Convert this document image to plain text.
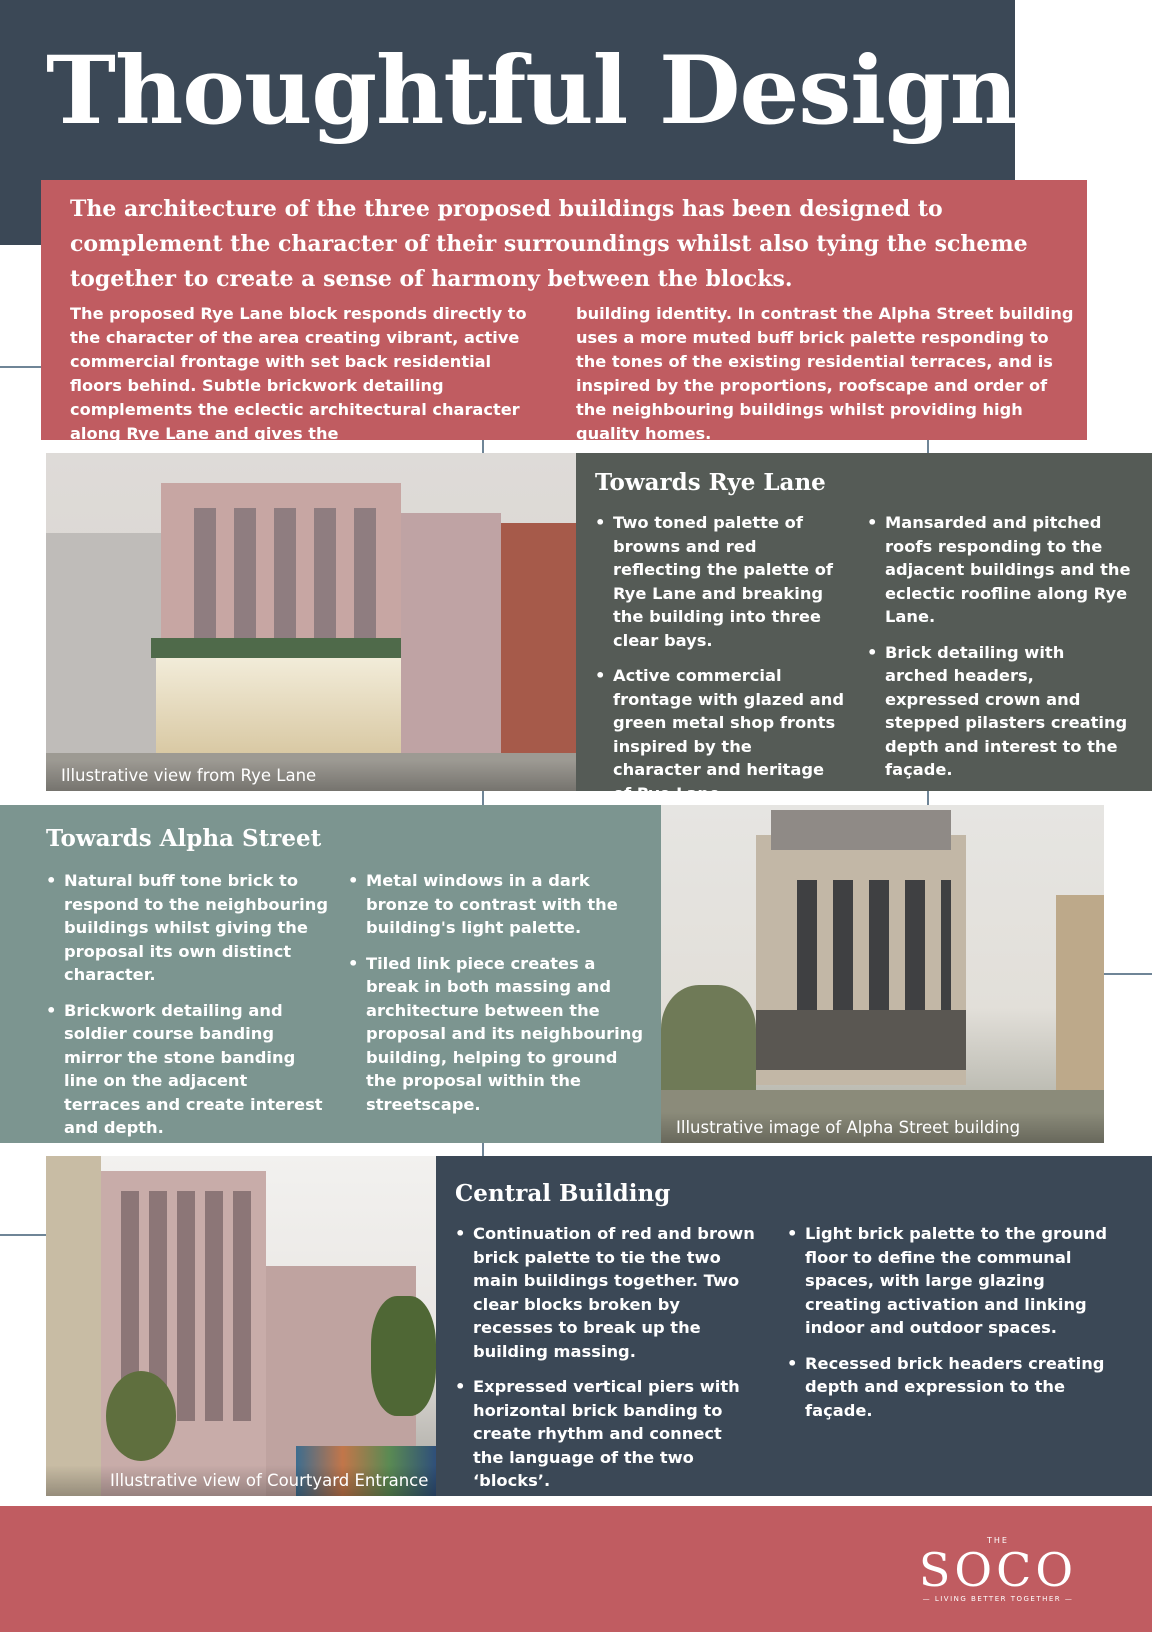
Thoughtful Design

The architecture of the three proposed buildings has been designed to complement the character of their surroundings whilst also tying the scheme together to create a sense of harmony between the blocks.

The proposed Rye Lane block responds directly to the character of the area creating vibrant, active commercial frontage with set back residential floors behind. Subtle brickwork detailing complements the eclectic architectural character along Rye Lane and gives the

building identity. In contrast the Alpha Street building uses a more muted buff brick palette responding to the tones of the existing residential terraces, and is inspired by the proportions, roofscape and order of the neighbouring buildings whilst providing high quality homes.

Illustrative view from Rye Lane
Towards Rye Lane
• Two toned palette of browns and red reflecting the palette of Rye Lane and breaking the building into three clear bays.
• Active commercial frontage with glazed and green metal shop fronts inspired by the character and heritage of Rye Lane.
• Mansarded and pitched roofs responding to the adjacent buildings and the eclectic roofline along Rye Lane.
• Brick detailing with arched headers, expressed crown and stepped pilasters creating depth and interest to the façade.
Towards Alpha Street
• Natural buff tone brick to respond to the neighbouring buildings whilst giving the proposal its own distinct character.
• Brickwork detailing and soldier course banding mirror the stone banding line on the adjacent terraces and create interest and depth.
• Metal windows in a dark bronze to contrast with the building's light palette.
• Tiled link piece creates a break in both massing and architecture between the proposal and its neighbouring building, helping to ground the proposal within the streetscape.
Illustrative image of Alpha Street building
Illustrative view of Courtyard Entrance
Central Building
• Continuation of red and brown brick palette to tie the two main buildings together. Two clear blocks broken by recesses to break up the building massing.
• Expressed vertical piers with horizontal brick banding to create rhythm and connect the language of the two ‘blocks’.
• Light brick palette to the ground floor to define the communal spaces, with large glazing creating activation and linking indoor and outdoor spaces.
• Recessed brick headers creating depth and expression to the façade.
THE
SOCO
— LIVING BETTER TOGETHER —
